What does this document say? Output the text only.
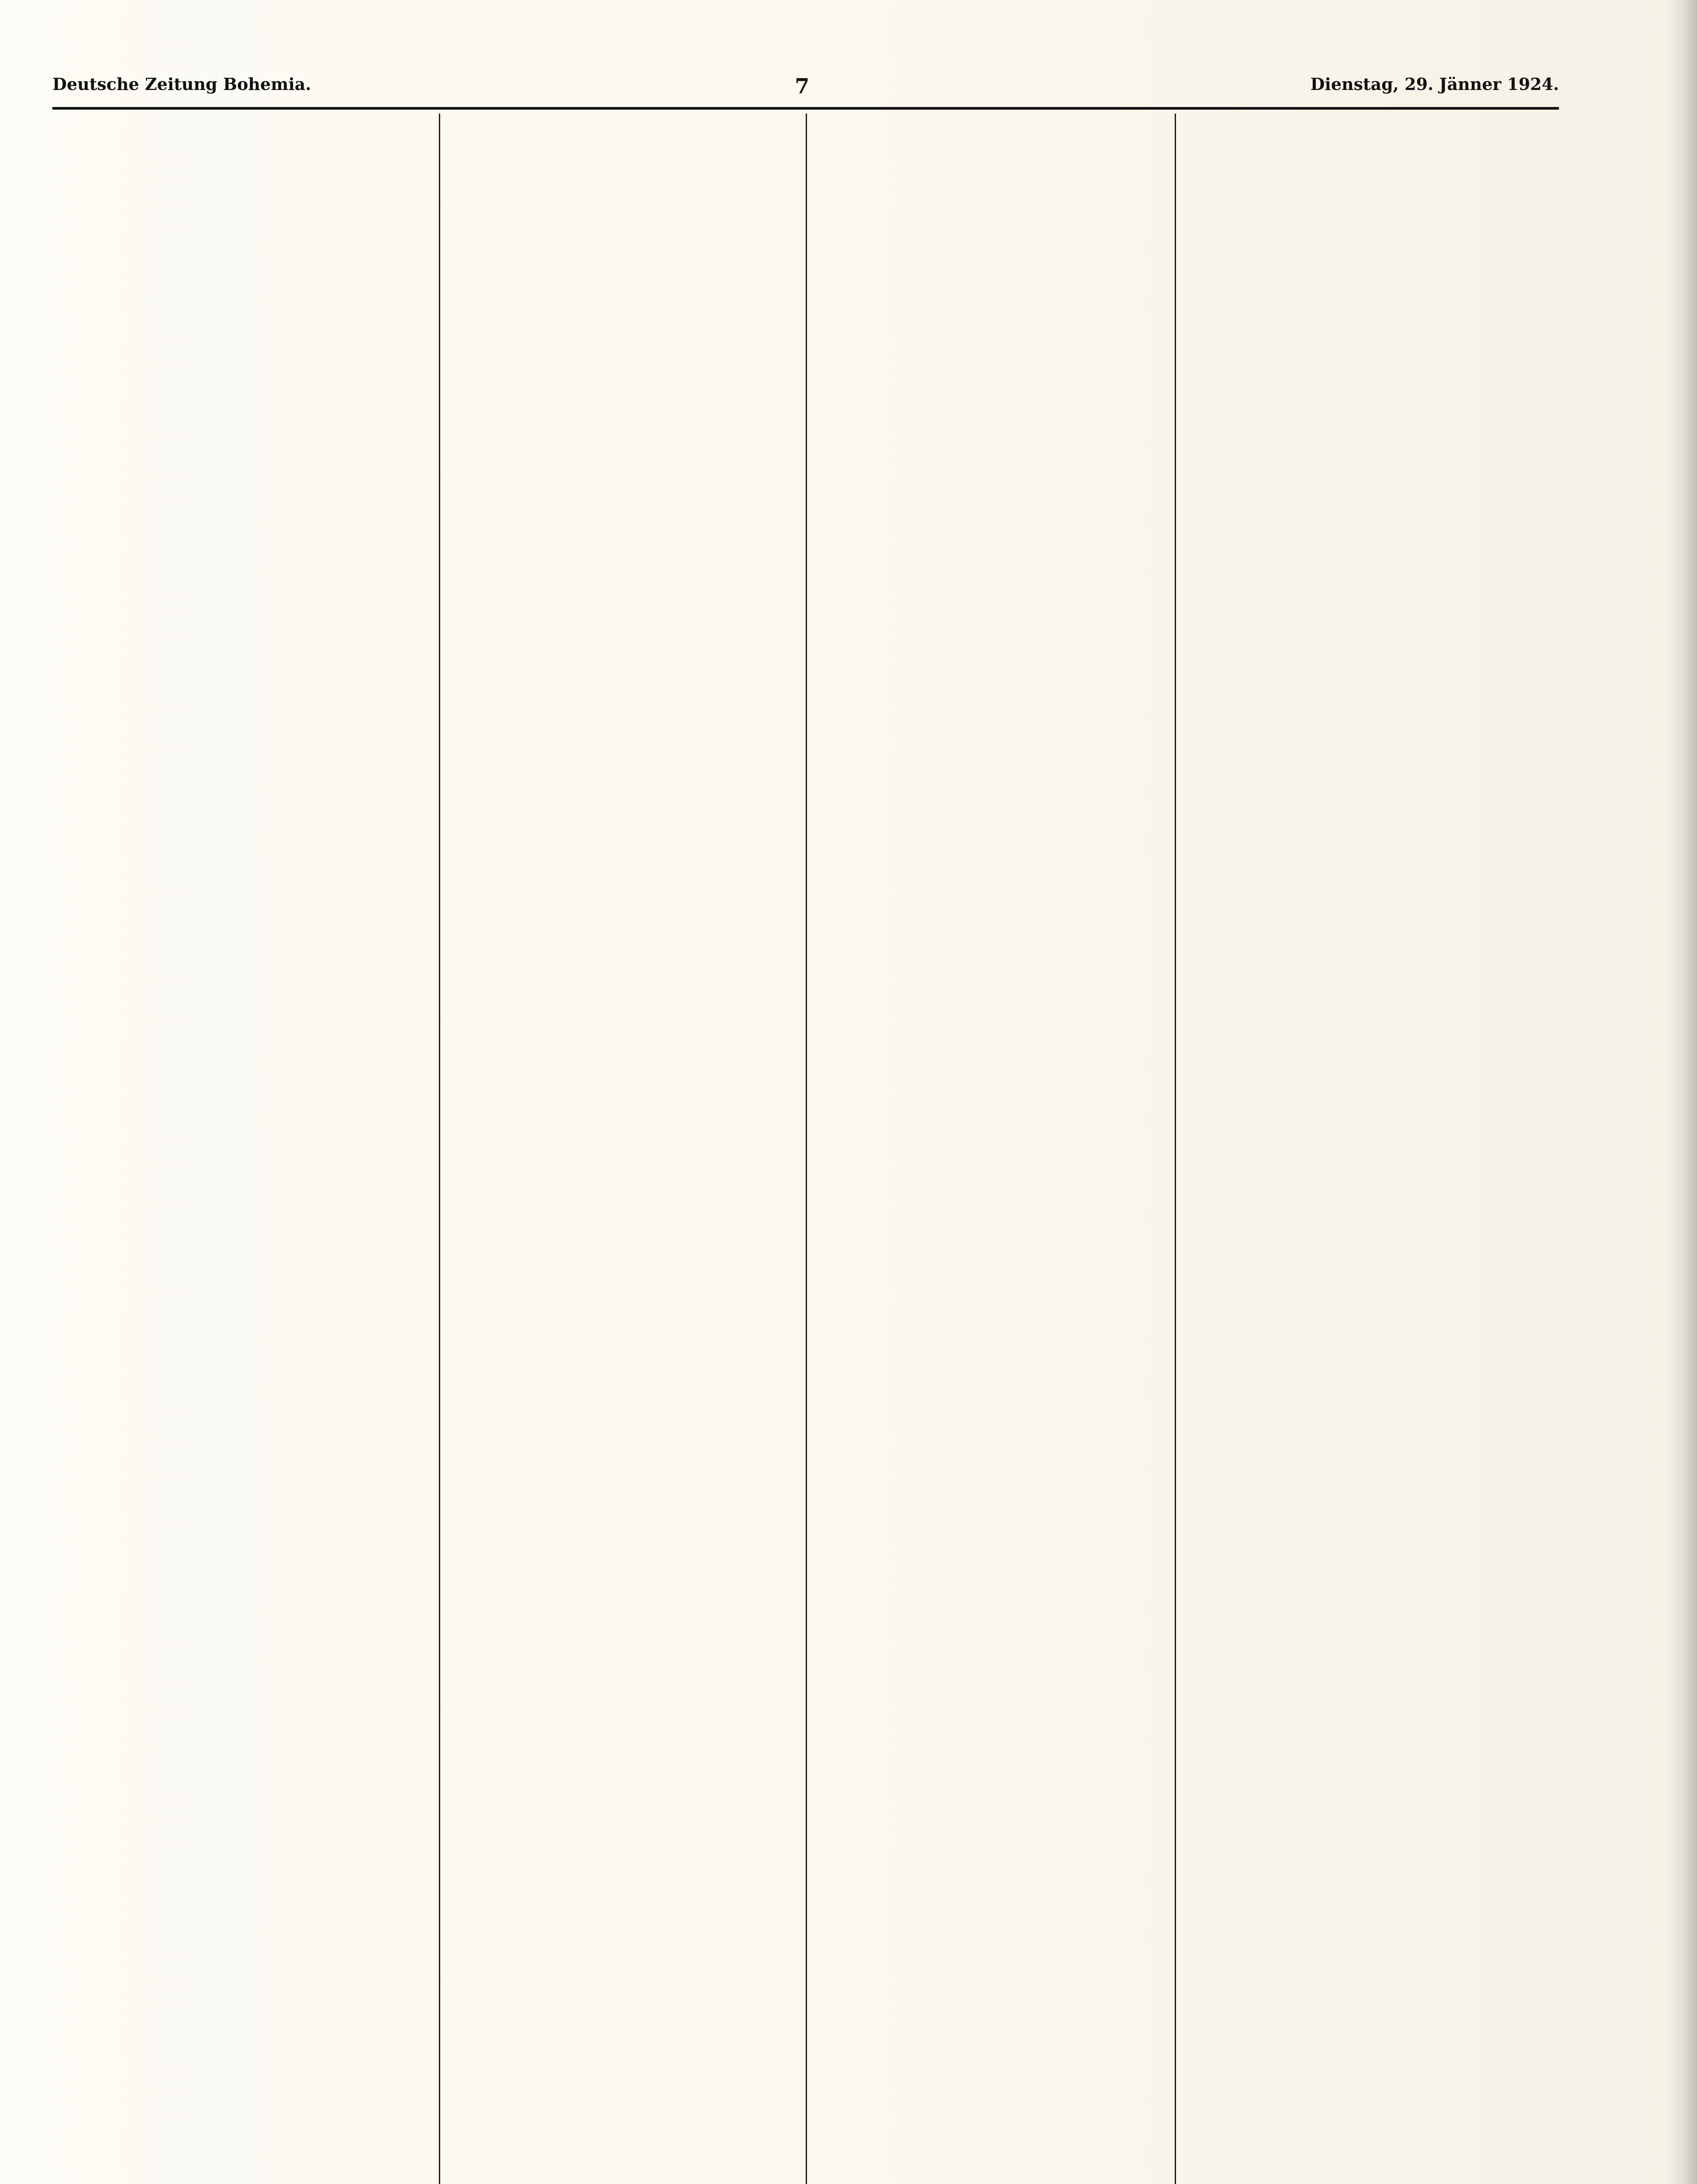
Deutsche Zeitung Bohemia.	7	Dienstag, 29. Jänner 1924.
